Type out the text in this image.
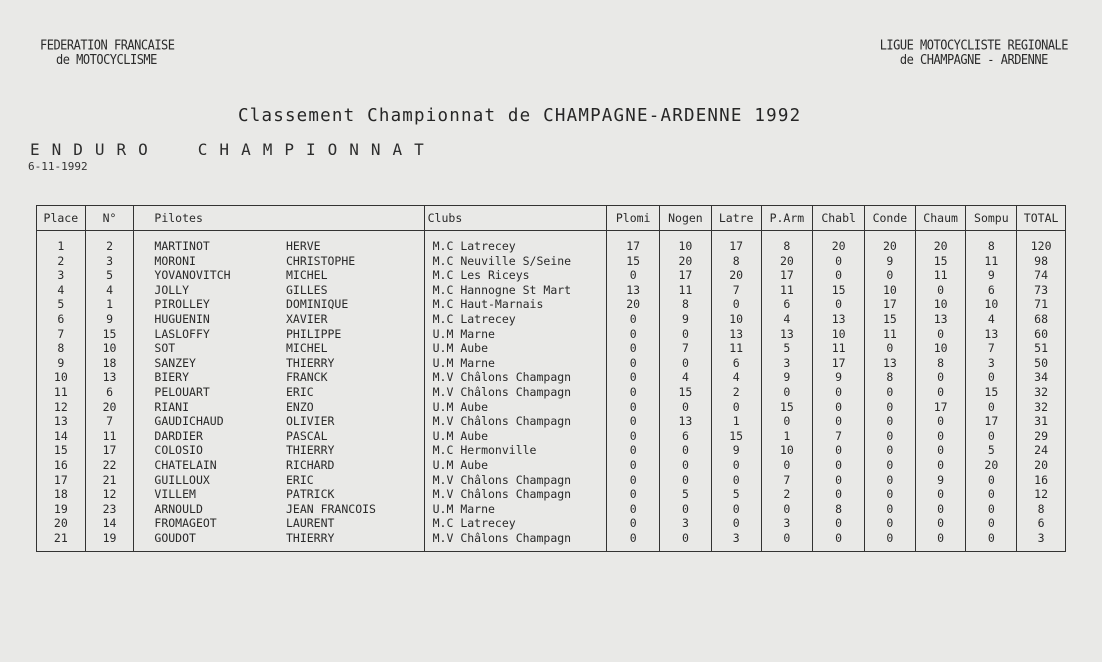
FEDERATION FRANCAISE
de MOTOCYCLISME
LIGUE MOTOCYCLISTE REGIONALE
de CHAMPAGNE - ARDENNE
Classement Championnat de CHAMPAGNE-ARDENNE 1992
ENDURO CHAMPIONNAT
6-11-1992
Place	N°	Pilotes		Clubs	Plomi	Nogen	Latre	P.Arm	Chabl	Conde	Chaum	Sompu	TOTAL
1	2	MARTINOT	HERVE	M.C Latrecey	17	10	17	8	20	20	20	8	120
2	3	MORONI	CHRISTOPHE	M.C Neuville S/Seine	15	20	8	20	0	9	15	11	98
3	5	YOVANOVITCH	MICHEL	M.C Les Riceys	0	17	20	17	0	0	11	9	74
4	4	JOLLY	GILLES	M.C Hannogne St Mart	13	11	7	11	15	10	0	6	73
5	1	PIROLLEY	DOMINIQUE	M.C Haut-Marnais	20	8	0	6	0	17	10	10	71
6	9	HUGUENIN	XAVIER	M.C Latrecey	0	9	10	4	13	15	13	4	68
7	15	LASLOFFY	PHILIPPE	U.M Marne	0	0	13	13	10	11	0	13	60
8	10	SOT	MICHEL	U.M Aube	0	7	11	5	11	0	10	7	51
9	18	SANZEY	THIERRY	U.M Marne	0	0	6	3	17	13	8	3	50
10	13	BIERY	FRANCK	M.V Châlons Champagn	0	4	4	9	9	8	0	0	34
11	6	PELOUART	ERIC	M.V Châlons Champagn	0	15	2	0	0	0	0	15	32
12	20	RIANI	ENZO	U.M Aube	0	0	0	15	0	0	17	0	32
13	7	GAUDICHAUD	OLIVIER	M.V Châlons Champagn	0	13	1	0	0	0	0	17	31
14	11	DARDIER	PASCAL	U.M Aube	0	6	15	1	7	0	0	0	29
15	17	COLOSIO	THIERRY	M.C Hermonville	0	0	9	10	0	0	0	5	24
16	22	CHATELAIN	RICHARD	U.M Aube	0	0	0	0	0	0	0	20	20
17	21	GUILLOUX	ERIC	M.V Châlons Champagn	0	0	0	7	0	0	9	0	16
18	12	VILLEM	PATRICK	M.V Châlons Champagn	0	5	5	2	0	0	0	0	12
19	23	ARNOULD	JEAN FRANCOIS	U.M Marne	0	0	0	0	8	0	0	0	8
20	14	FROMAGEOT	LAURENT	M.C Latrecey	0	3	0	3	0	0	0	0	6
21	19	GOUDOT	THIERRY	M.V Châlons Champagn	0	0	3	0	0	0	0	0	3
